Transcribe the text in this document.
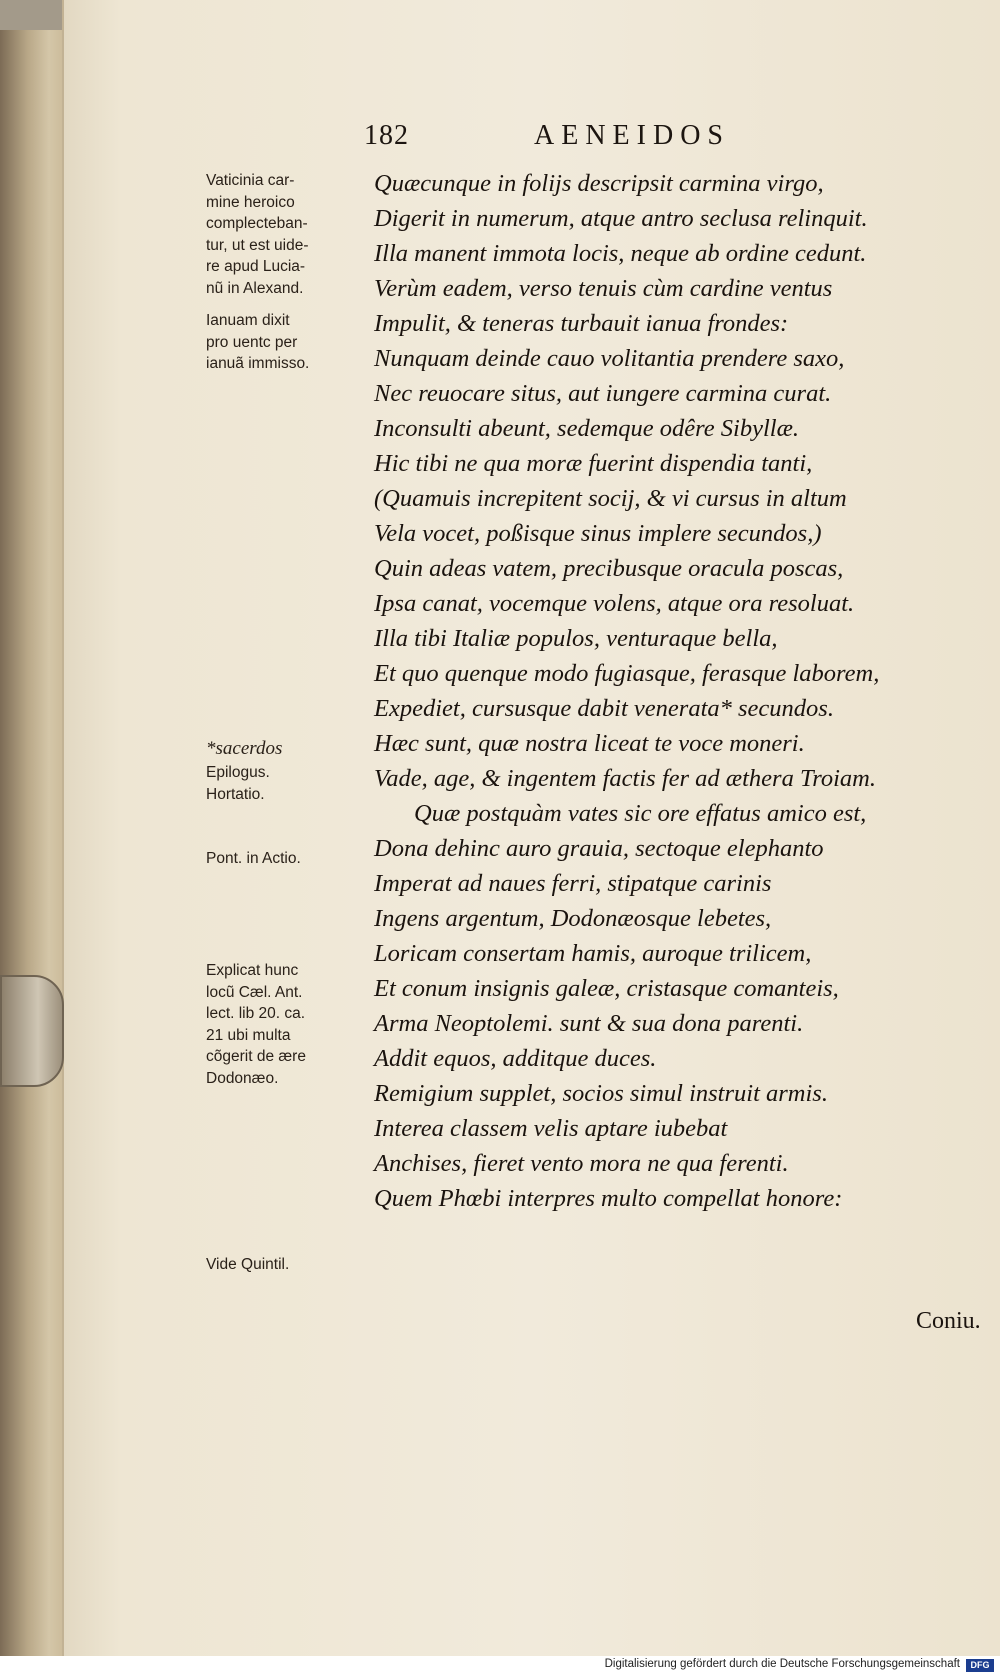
182	AENEIDOS
Vaticinia car-
mine heroico
complecteban-
tur, ut est uide-
re apud Lucia-
nũ in Alexand.
Ianuam dixit
pro uentc per
ianuã immisso.
*sacerdos
Epilogus.
Hortatio.
Pont. in Actio.
Explicat hunc
locũ Cæl. Ant.
lect. lib 20. ca.
21 ubi multa
cõgerit de ære
Dodonæo.
Vide Quintil.
Quæcunque in folijs descripsit carmina virgo,
Digerit in numerum, atque antro seclusa relinquit.
Illa manent immota locis, neque ab ordine cedunt.
Verùm eadem, verso tenuis cùm cardine ventus
Impulit, & teneras turbauit ianua frondes:
Nunquam deinde cauo volitantia prendere saxo,
Nec reuocare situs, aut iungere carmina curat.
Inconsulti abeunt, sedemque odêre Sibyllæ.
Hic tibi ne qua moræ fuerint dispendia tanti,
(Quamuis increpitent socij, & vi cursus in altum
Vela vocet, poßisque sinus implere secundos,)
Quin adeas vatem, precibusque oracula poscas,
Ipsa canat, vocemque volens, atque ora resoluat.
Illa tibi Italiæ populos, venturaque bella,
Et quo quenque modo fugiasque, ferasque laborem,
Expediet, cursusque dabit venerata* secundos.
Hæc sunt, quæ nostra liceat te voce moneri.
Vade, age, & ingentem factis fer ad æthera Troiam.
Quæ postquàm vates sic ore effatus amico est,
Dona dehinc auro grauia, sectoque elephanto
Imperat ad naues ferri, stipatque carinis
Ingens argentum, Dodonæosque lebetes,
Loricam consertam hamis, auroque trilicem,
Et conum insignis galeæ, cristasque comanteis,
Arma Neoptolemi. sunt & sua dona parenti.
Addit equos, additque duces.
Remigium supplet, socios simul instruit armis.
Interea classem velis aptare iubebat
Anchises, fieret vento mora ne qua ferenti.
Quem Phœbi interpres multo compellat honore:
Coniu.
Digitalisierung gefördert durch die Deutsche Forschungsgemeinschaft	DFG
